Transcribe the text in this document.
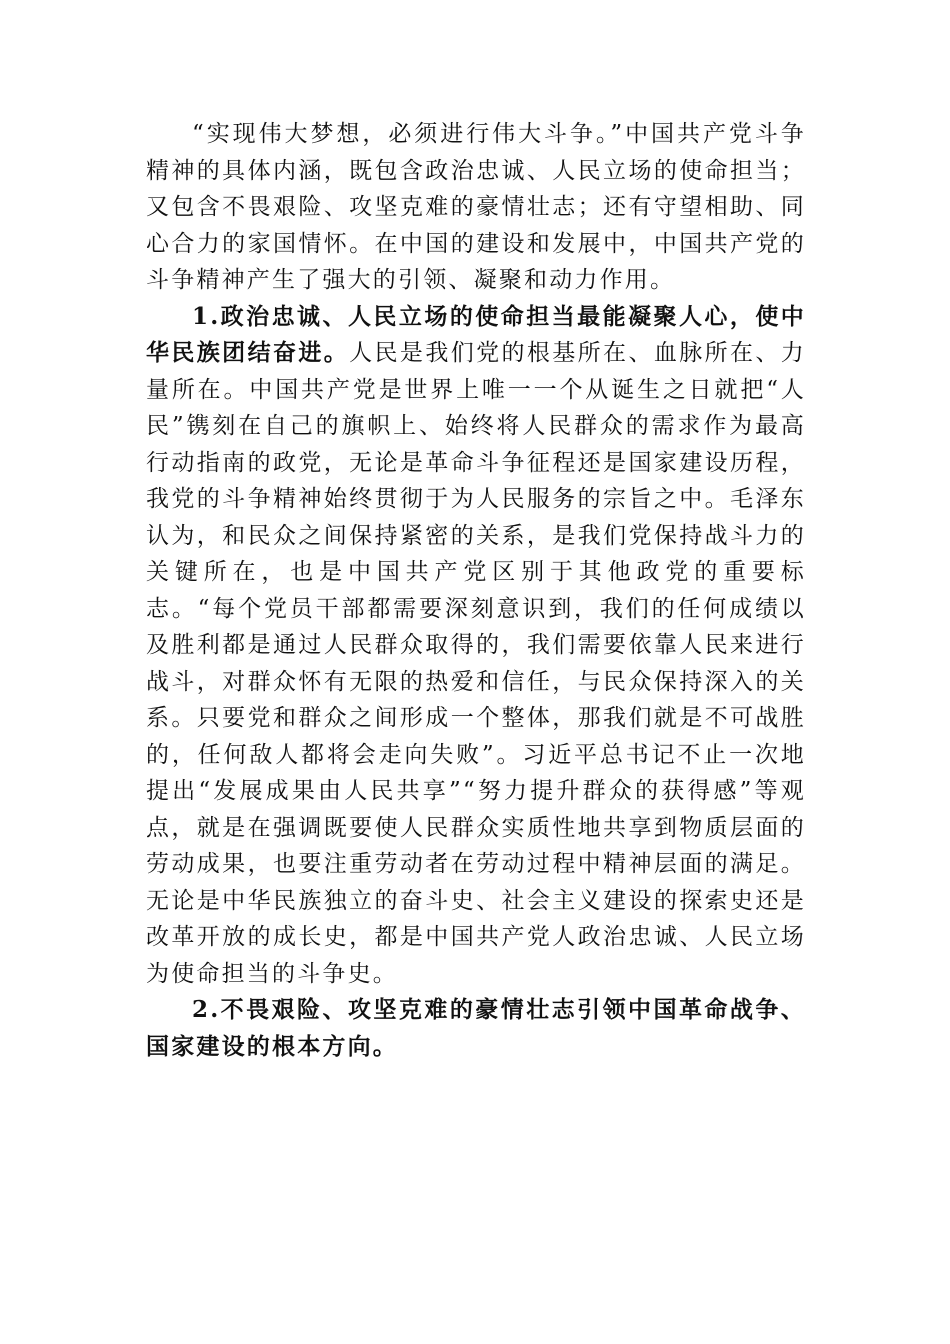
“实现伟大梦想，必须进行伟大斗争。”中国共产党斗争精神的具体内涵，既包含政治忠诚、人民立场的使命担当；又包含不畏艰险、攻坚克难的豪情壮志；还有守望相助、同心合力的家国情怀。在中国的建设和发展中，中国共产党的斗争精神产生了强大的引领、凝聚和动力作用。

1.政治忠诚、人民立场的使命担当最能凝聚人心，使中华民族团结奋进。人民是我们党的根基所在、血脉所在、力量所在。中国共产党是世界上唯一一个从诞生之日就把“人民”镌刻在自己的旗帜上、始终将人民群众的需求作为最高行动指南的政党，无论是革命斗争征程还是国家建设历程，我党的斗争精神始终贯彻于为人民服务的宗旨之中。毛泽东认为，和民众之间保持紧密的关系，是我们党保持战斗力的关键所在，也是中国共产党区别于其他政党的重要标志。“每个党员干部都需要深刻意识到，我们的任何成绩以及胜利都是通过人民群众取得的，我们需要依靠人民来进行战斗，对群众怀有无限的热爱和信任，与民众保持深入的关系。只要党和群众之间形成一个整体，那我们就是不可战胜的，任何敌人都将会走向失败”。习近平总书记不止一次地提出“发展成果由人民共享”“努力提升群众的获得感”等观点，就是在强调既要使人民群众实质性地共享到物质层面的劳动成果，也要注重劳动者在劳动过程中精神层面的满足。无论是中华民族独立的奋斗史、社会主义建设的探索史还是改革开放的成长史，都是中国共产党人政治忠诚、人民立场为使命担当的斗争史。

2.不畏艰险、攻坚克难的豪情壮志引领中国革命战争、国家建设的根本方向。
